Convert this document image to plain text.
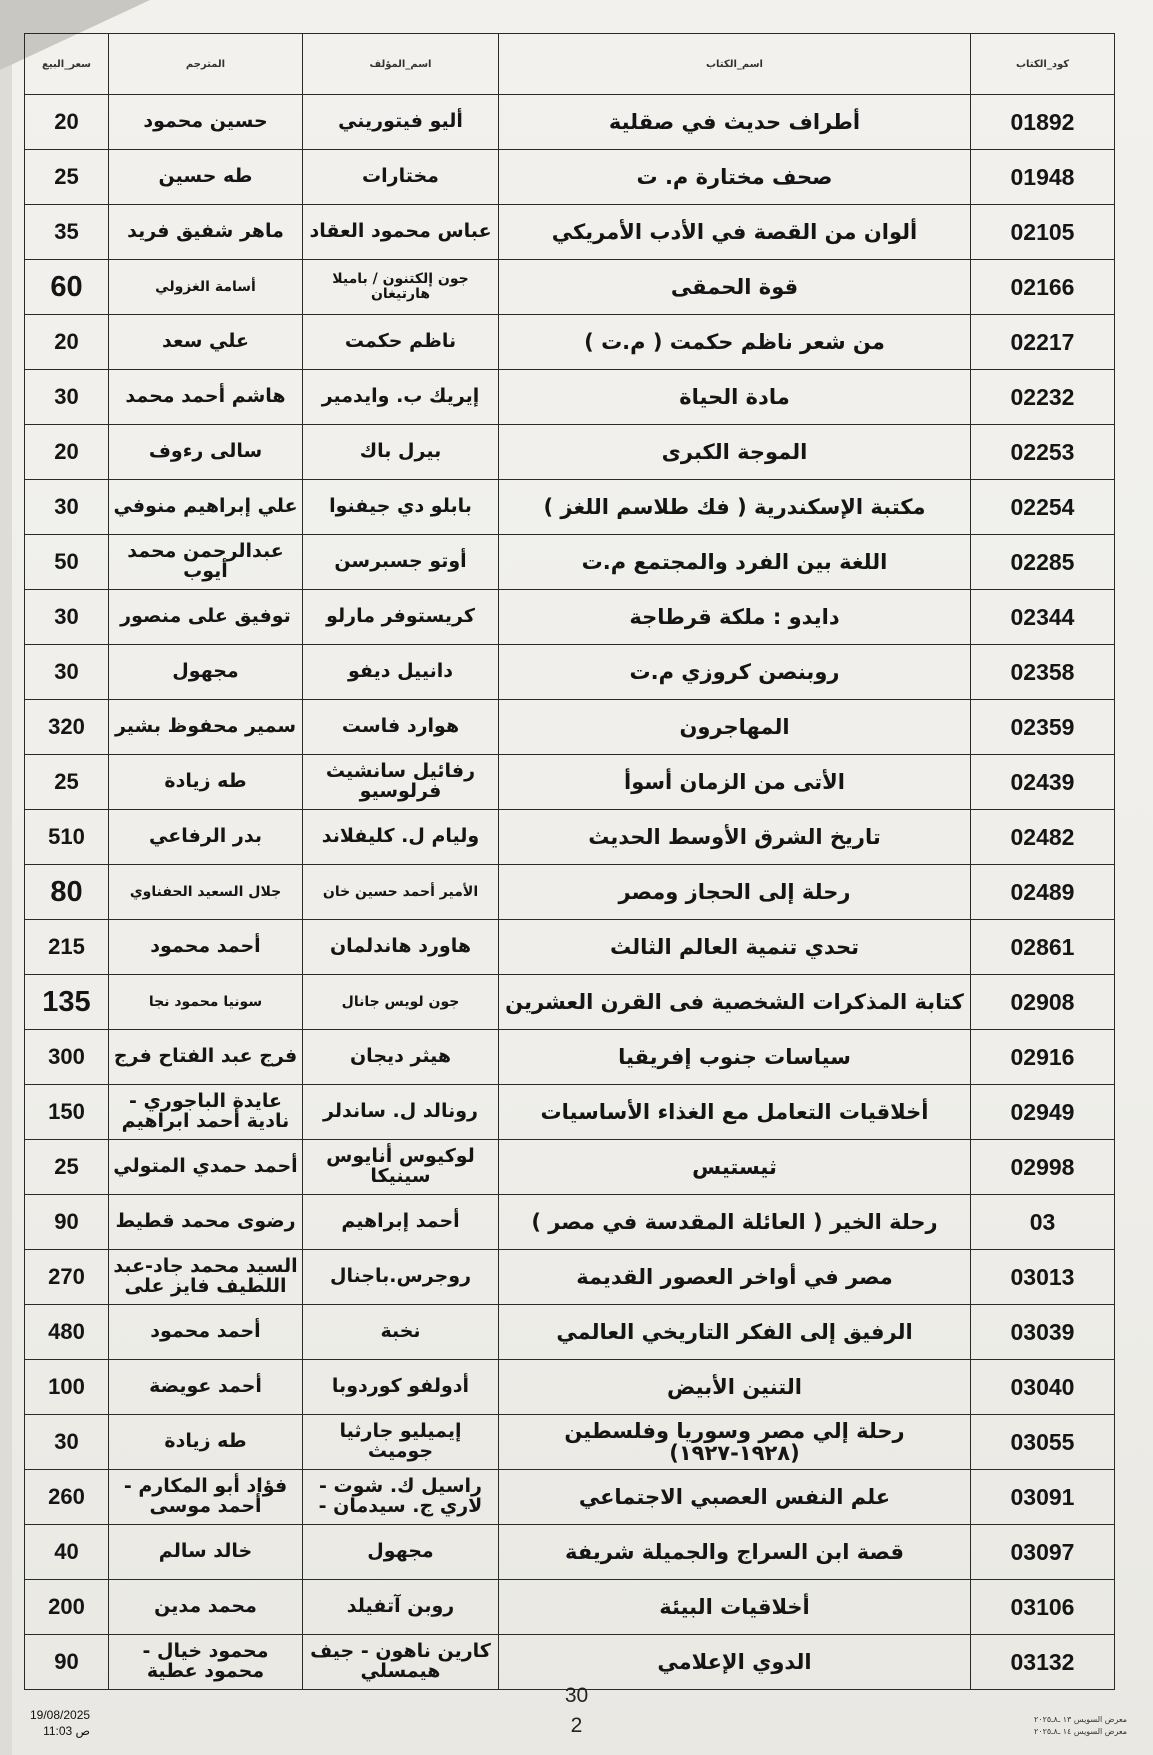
كود_الكتاب	اسم_الكتاب	اسم_المؤلف	المترجم	سعر_البيع
01892	أطراف حديث في صقلية	أليو فيتوريني	حسين محمود	20
01948	صحف مختارة م. ت	مختارات	طه حسين	25
02105	ألوان من القصة في الأدب الأمريكي	عباس محمود العقاد	ماهر شفيق فريد	35
02166	قوة الحمقى	جون إلكتنون / باميلا هارتيغان	أسامة الغزولي	60
02217	من شعر ناظم حكمت ( م.ت )	ناظم حكمت	علي سعد	20
02232	مادة الحياة	إيريك ب. وايدمير	هاشم أحمد محمد	30
02253	الموجة الكبرى	بيرل باك	سالى رءوف	20
02254	مكتبة الإسكندرية ( فك طلاسم اللغز )	بابلو دي جيفنوا	علي إبراهيم منوفي	30
02285	اللغة بين الفرد والمجتمع م.ت	أوتو جسبرسن	عبدالرحمن محمد أيوب	50
02344	دايدو : ملكة قرطاجة	كريستوفر مارلو	توفيق على منصور	30
02358	روبنصن كروزي م.ت	دانييل ديفو	مجهول	30
02359	المهاجرون	هوارد فاست	سمير محفوظ بشير	320
02439	الأتى من الزمان أسوأ	رفائيل سانشيث فرلوسيو	طه زيادة	25
02482	تاريخ الشرق الأوسط الحديث	وليام ل. كليفلاند	بدر الرفاعي	510
02489	رحلة إلى الحجاز ومصر	الأمير أحمد حسين خان	جلال السعيد الحفناوي	80
02861	تحدي تنمية العالم الثالث	هاورد هاندلمان	أحمد محمود	215
02908	كتابة المذكرات الشخصية فى القرن العشرين	جون لويس جانال	سونيا محمود نجا	135
02916	سياسات جنوب إفريقيا	هيثر ديجان	فرج عبد الفتاح فرج	300
02949	أخلاقيات التعامل مع الغذاء الأساسيات	رونالد ل. ساندلر	عايدة الباجوري - نادية أحمد ابراهيم	150
02998	ثيستيس	لوكيوس أنايوس سينيكا	أحمد حمدي المتولي	25
03	رحلة الخير ( العائلة المقدسة في مصر )	أحمد إبراهيم	رضوى محمد قطيط	90
03013	مصر في أواخر العصور القديمة	روجرس.باجنال	السيد محمد جاد-عبد اللطيف فايز على	270
03039	الرفيق إلى الفكر التاريخي العالمي	نخبة	أحمد محمود	480
03040	التنين الأبيض	أدولفو كوردوبا	أحمد عويضة	100
03055	رحلة إلي مصر وسوريا وفلسطين (١٩٢٨-١٩٢٧)	إيميليو جارثيا جوميث	طه زيادة	30
03091	علم النفس العصبي الاجتماعي	راسيل ك. شوت - لاري ج. سيدمان -	فؤاد أبو المكارم - أحمد موسى	260
03097	قصة ابن السراج والجميلة شريفة	مجهول	خالد سالم	40
03106	أخلاقيات البيئة	روبن آتفيلد	محمد مدين	200
03132	الدوي الإعلامي	كارين ناهون - جيف هيمسلي	محمود خيال - محمود عطية	90
30
2
19/08/2025
ص 11:03
معرض السويس ١٣ ـ٨ـ٢٠٢٥
معرض السويس ١٤ ـ٨ـ٢٠٢٥
